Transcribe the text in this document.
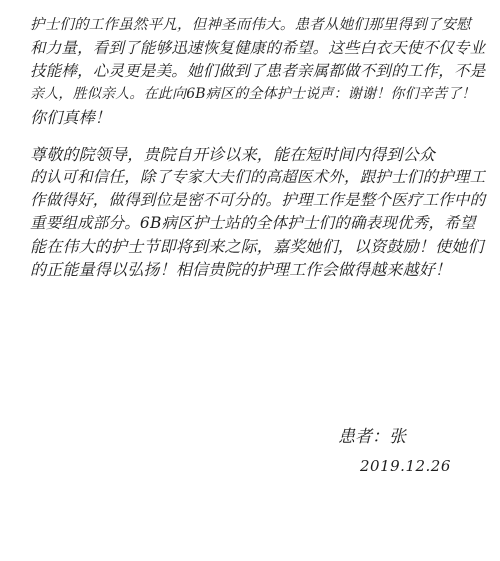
护士们的工作虽然平凡，但神圣而伟大。患者从她们那里得到了安慰
和力量，看到了能够迅速恢复健康的希望。这些白衣天使不仅专业
技能棒，心灵更是美。她们做到了患者亲属都做不到的工作，不是
亲人，胜似亲人。在此向6B病区的全体护士说声：谢谢！你们辛苦了！
你们真棒！
尊敬的院领导，贵院自开诊以来，能在短时间内得到公众
的认可和信任，除了专家大夫们的高超医术外，跟护士们的护理工
作做得好，做得到位是密不可分的。护理工作是整个医疗工作中的
重要组成部分。6B病区护士站的全体护士们的确表现优秀，希望
能在伟大的护士节即将到来之际，嘉奖她们，以资鼓励！使她们
的正能量得以弘扬！相信贵院的护理工作会做得越来越好！
患者：张
2019.12.26
